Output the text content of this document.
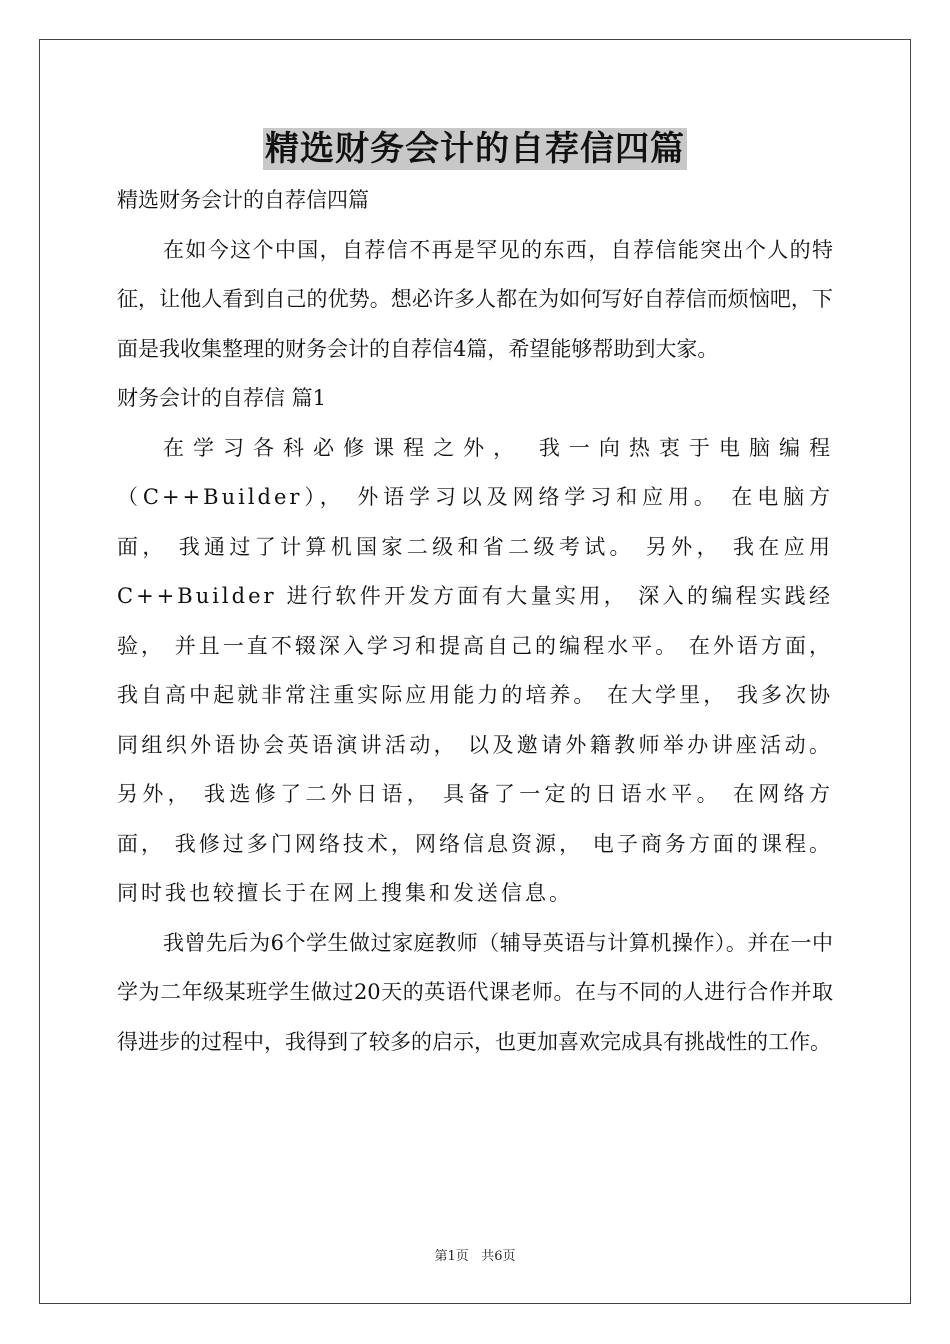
精选财务会计的自荐信四篇

精选财务会计的自荐信四篇

在如今这个中国，自荐信不再是罕见的东西，自荐信能突出个人的特征，让他人看到自己的优势。想必许多人都在为如何写好自荐信而烦恼吧，下面是我收集整理的财务会计的自荐信4篇，希望能够帮助到大家。

财务会计的自荐信 篇1

在学习各科必修课程之外， 我一向热衷于电脑编程（C++Builder）， 外语学习以及网络学习和应用。 在电脑方面， 我通过了计算机国家二级和省二级考试。 另外， 我在应用 C++Builder 进行软件开发方面有大量实用， 深入的编程实践经验， 并且一直不辍深入学习和提高自己的编程水平。 在外语方面， 我自高中起就非常注重实际应用能力的培养。 在大学里， 我多次协同组织外语协会英语演讲活动， 以及邀请外籍教师举办讲座活动。 另外， 我选修了二外日语， 具备了一定的日语水平。 在网络方面， 我修过多门网络技术，网络信息资源， 电子商务方面的课程。 同时我也较擅长于在网上搜集和发送信息。

我曾先后为6个学生做过家庭教师（辅导英语与计算机操作）。并在一中学为二年级某班学生做过20天的英语代课老师。在与不同的人进行合作并取得进步的过程中，我得到了较多的启示，也更加喜欢完成具有挑战性的工作。

第1页 共6页
